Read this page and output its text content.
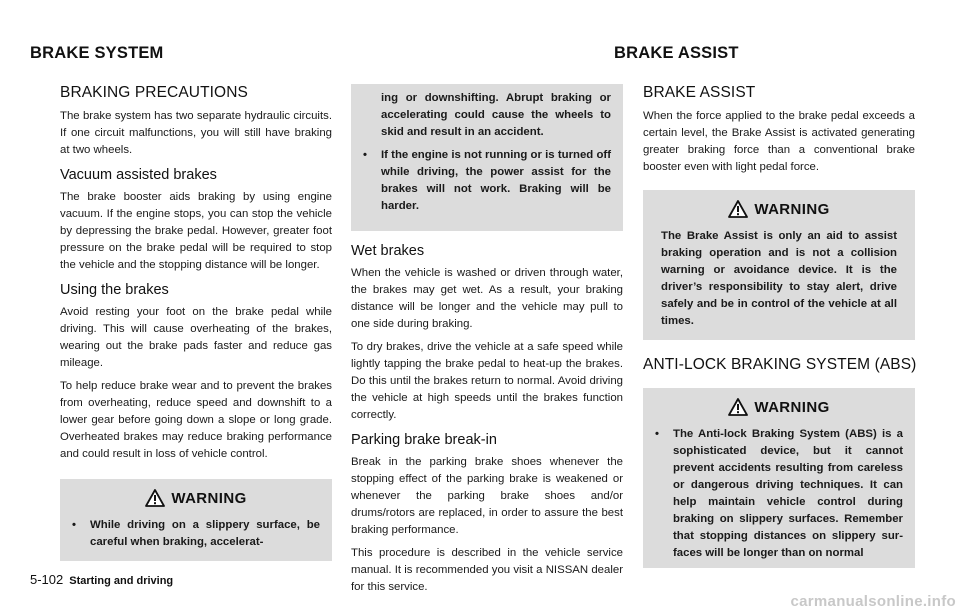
BRAKE SYSTEM	BRAKE ASSIST
BRAKING PRECAUTIONS

The brake system has two separate hydraulic circuits. If one circuit malfunctions, you will still have braking at two wheels.

Vacuum assisted brakes

The brake booster aids braking by using engine vacuum. If the engine stops, you can stop the vehicle by depressing the brake pedal. However, greater foot pressure on the brake pedal will be required to stop the vehicle and the stopping distance will be longer.

Using the brakes

Avoid resting your foot on the brake pedal while driving. This will cause overheating of the brakes, wearing out the brake pads faster and reduce gas mileage.

To help reduce brake wear and to prevent the brakes from overheating, reduce speed and downshift to a lower gear before going down a slope or long grade. Overheated brakes may reduce braking performance and could result in loss of vehicle control.

WARNING
•	While driving on a slippery surface, be careful when braking, accelerat-
ing or downshifting. Abrupt braking or accelerating could cause the wheels to skid and result in an accident.
•	If the engine is not running or is turned off while driving, the power assist for the brakes will not work. Braking will be harder.
Wet brakes

When the vehicle is washed or driven through water, the brakes may get wet. As a result, your braking distance will be longer and the vehicle may pull to one side during braking.

To dry brakes, drive the vehicle at a safe speed while lightly tapping the brake pedal to heat-up the brakes. Do this until the brakes return to normal. Avoid driving the vehicle at high speeds until the brakes function correctly.

Parking brake break-in

Break in the parking brake shoes whenever the stopping effect of the parking brake is weakened or whenever the parking brake shoes and/or drums/rotors are replaced, in order to assure the best braking performance.

This procedure is described in the vehicle service manual. It is recommended you visit a NISSAN dealer for this service.

BRAKE ASSIST

When the force applied to the brake pedal exceeds a certain level, the Brake Assist is activated generating greater braking force than a conventional brake booster even with light pedal force.

WARNING
The Brake Assist is only an aid to assist braking operation and is not a collision warning or avoidance device. It is the driver’s responsibility to stay alert, drive safely and be in control of the vehicle at all times.
ANTI-LOCK BRAKING SYSTEM (ABS)
WARNING
•	The Anti-lock Braking System (ABS) is a sophisticated device, but it cannot prevent accidents resulting from careless or dangerous driving techniques. It can help maintain vehicle control during braking on slippery surfaces. Remember that stopping distances on slippery sur- faces will be longer than on normal
5-102 Starting and driving
carmanualsonline.info
